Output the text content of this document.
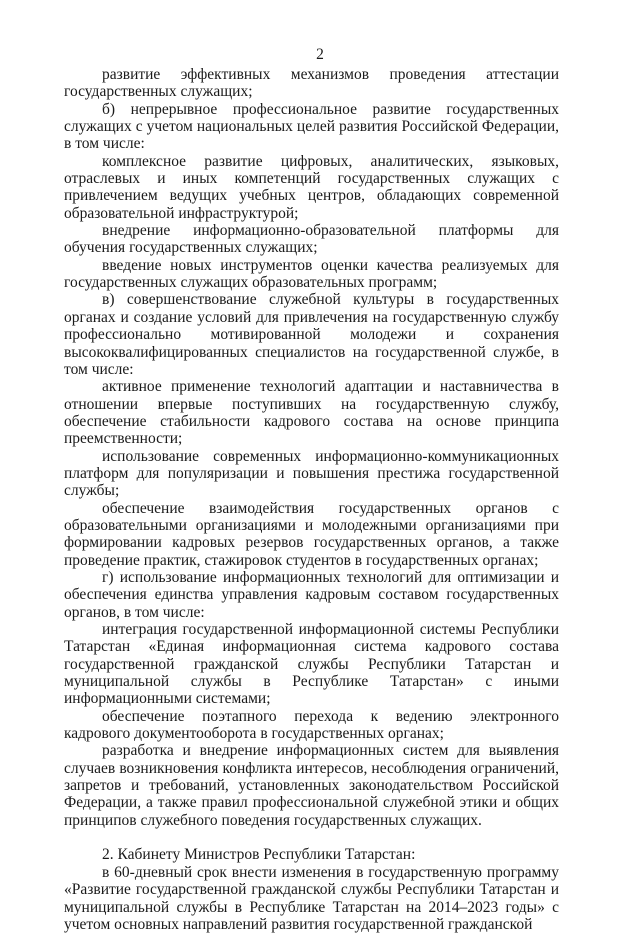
2

развитие эффективных механизмов проведения аттестации государственных служащих;

б) непрерывное профессиональное развитие государственных служащих с учетом национальных целей развития Российской Федерации, в том числе:

комплексное развитие цифровых, аналитических, языковых, отраслевых и иных компетенций государственных служащих с привлечением ведущих учебных центров, обладающих современной образовательной инфраструктурой;

внедрение информационно-образовательной платформы для обучения государственных служащих;

введение новых инструментов оценки качества реализуемых для государственных служащих образовательных программ;

в) совершенствование служебной культуры в государственных органах и создание условий для привлечения на государственную службу профессионально мотивированной молодежи и сохранения высококвалифицированных специалистов на государственной службе, в том числе:

активное применение технологий адаптации и наставничества в отношении впервые поступивших на государственную службу, обеспечение стабильности кадрового состава на основе принципа преемственности;

использование современных информационно-коммуникационных платформ для популяризации и повышения престижа государственной службы;

обеспечение взаимодействия государственных органов с образовательными организациями и молодежными организациями при формировании кадровых резервов государственных органов, а также проведение практик, стажировок студентов в государственных органах;

г) использование информационных технологий для оптимизации и обеспечения единства управления кадровым составом государственных органов, в том числе:

интеграция государственной информационной системы Республики Татарстан «Единая информационная система кадрового состава государственной гражданской службы Республики Татарстан и муниципальной службы в Республике Татарстан» с иными информационными системами;

обеспечение поэтапного перехода к ведению электронного кадрового документооборота в государственных органах;

разработка и внедрение информационных систем для выявления случаев возникновения конфликта интересов, несоблюдения ограничений, запретов и требований, установленных законодательством Российской Федерации, а также правил профессиональной служебной этики и общих принципов служебного поведения государственных служащих.

2. Кабинету Министров Республики Татарстан:

в 60-дневный срок внести изменения в государственную программу «Развитие государственной гражданской службы Республики Татарстан и муниципальной службы в Республике Татарстан на 2014–2023 годы» с учетом основных направлений развития государственной гражданской
